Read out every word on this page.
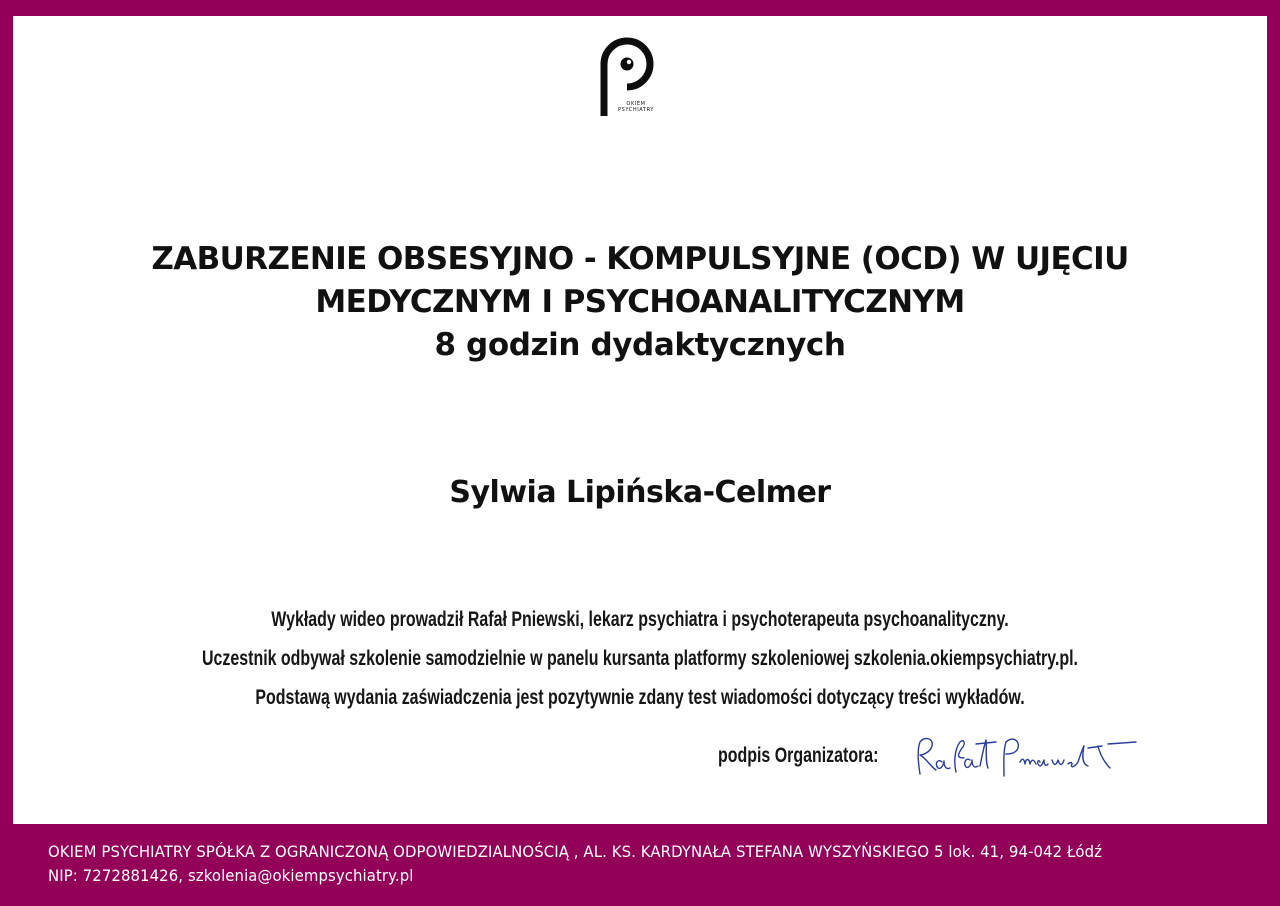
OKIEM
PSYCHIATRY
ZABURZENIE OBSESYJNO - KOMPULSYJNE (OCD) W UJĘCIU
MEDYCZNYM I PSYCHOANALITYCZNYM
8 godzin dydaktycznych
Sylwia Lipińska-Celmer
Wykłady wideo prowadził Rafał Pniewski, lekarz psychiatra i psychoterapeuta psychoanalityczny.
Uczestnik odbywał szkolenie samodzielnie w panelu kursanta platformy szkoleniowej szkolenia.okiempsychiatry.pl.
Podstawą wydania zaświadczenia jest pozytywnie zdany test wiadomości dotyczący treści wykładów.
podpis Organizatora:
OKIEM PSYCHIATRY SPÓŁKA Z OGRANICZONĄ ODPOWIEDZIALNOŚCIĄ , AL. KS. KARDYNAŁA STEFANA WYSZYŃSKIEGO 5 lok. 41, 94-042 Łódź
NIP: 7272881426, szkolenia@okiempsychiatry.pl
